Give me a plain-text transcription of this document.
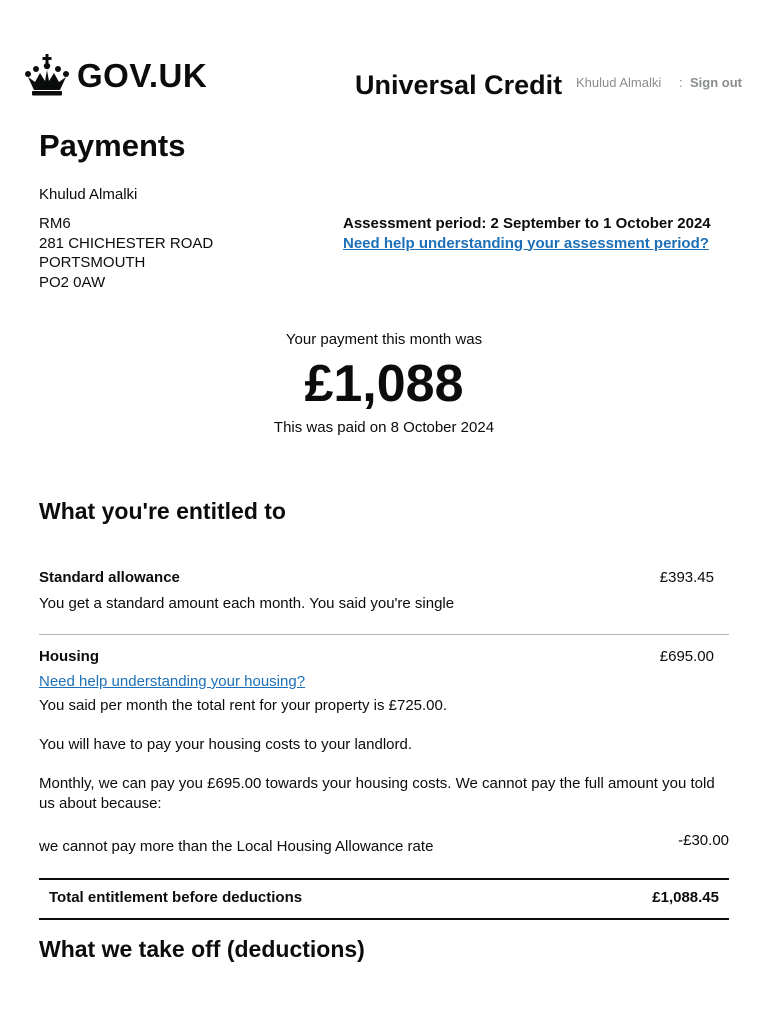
GOV.UK	Universal Credit Khulud Almalki : Sign out
Payments
Khulud Almalki
RM6
281 CHICHESTER ROAD
PORTSMOUTH
PO2 0AW
Assessment period: 2 September to 1 October 2024
Need help understanding your assessment period?
Your payment this month was
£1,088
This was paid on 8 October 2024
What you're entitled to
Standard allowance	£393.45
You get a standard amount each month. You said you're single
Housing	£695.00
Need help understanding your housing?
You said per month the total rent for your property is £725.00.
You will have to pay your housing costs to your landlord.
Monthly, we can pay you £695.00 towards your housing costs. We cannot pay the full amount you told us about because:
we cannot pay more than the Local Housing Allowance rate	-£30.00
Total entitlement before deductions	£1,088.45
What we take off (deductions)
